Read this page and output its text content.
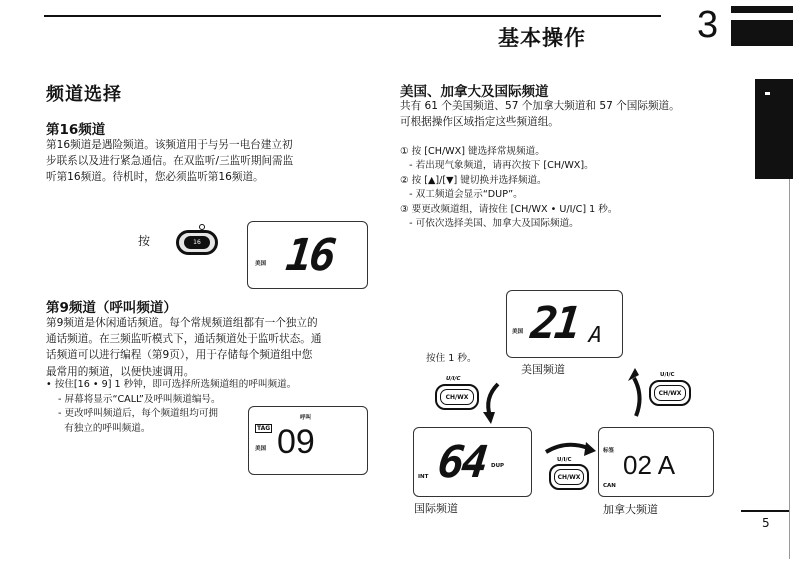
基本操作	3
频道选择
第16频道
第16频道是遇险频道。该频道用于与另一电台建立初
步联系以及进行紧急通信。在双监听/三监听期间需监
听第16频道。待机时，您必须监听第16频道。
按	16
美国 16
第9频道（呼叫频道）
第9频道是休闲通话频道。每个常规频道组都有一个独立的
通话频道。在三频监听模式下，通话频道处于监听状态。通
话频道可以进行编程（第9页），用于存储每个频道组中您
最常用的频道，以便快速调用。
• 按住[16 • 9] 1 秒钟，即可选择所选频道组的呼叫频道。
- 屏幕将显示“CALL”及呼叫频道编号。
- 更改呼叫频道后，每个频道组均可拥
有独立的呼叫频道。
呼叫
TAG
美国 09
美国、加拿大及国际频道
共有 61 个美国频道、57 个加拿大频道和 57 个国际频道。
可根据操作区域指定这些频道组。
① 按 [CH/WX] 键选择常规频道。
- 若出现气象频道，请再次按下 [CH/WX]。
② 按 [▲]/[▼] 键切换并选择频道。
- 双工频道会显示“DUP”。
③ 要更改频道组，请按住 [CH/WX • U/I/C] 1 秒。
- 可依次选择美国、加拿大及国际频道。
美国 21 A
美国频道
按住 1 秒。
CH/WX
U/I/C
CH/WX
U/I/C
CH/WX
U/I/C
INT 64 DUP
国际频道
标签 02 A
CAN
加拿大频道
5
